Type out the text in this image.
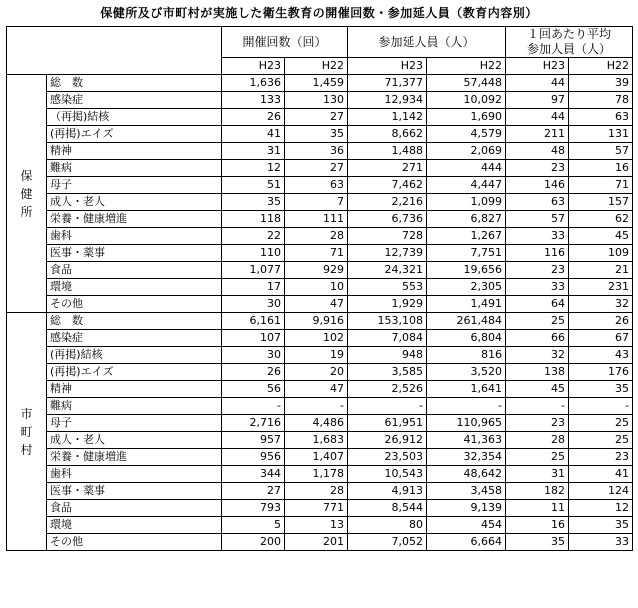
保健所及び市町村が実施した衛生教育の開催回数・参加延人員（教育内容別）
		開催回数（回）		参加延人員（人）		１回あたり平均
参加人員（人）	
		H23	H22	H23	H22	H23	H22
保健所	総　数	1,636	1,459	71,377	57,448	44	39
	感染症	133	130	12,934	10,092	97	78
	（再掲)結核	26	27	1,142	1,690	44	63
	(再掲)エイズ	41	35	8,662	4,579	211	131
	精神	31	36	1,488	2,069	48	57
	難病	12	27	271	444	23	16
	母子	51	63	7,462	4,447	146	71
	成人・老人	35	7	2,216	1,099	63	157
	栄養・健康増進	118	111	6,736	6,827	57	62
	歯科	22	28	728	1,267	33	45
	医事・薬事	110	71	12,739	7,751	116	109
	食品	1,077	929	24,321	19,656	23	21
	環境	17	10	553	2,305	33	231
	その他	30	47	1,929	1,491	64	32
市町村	総　数	6,161	9,916	153,108	261,484	25	26
	感染症	107	102	7,084	6,804	66	67
	(再掲)結核	30	19	948	816	32	43
	(再掲)エイズ	26	20	3,585	3,520	138	176
	精神	56	47	2,526	1,641	45	35
	難病	-	-	-	-	-	-
	母子	2,716	4,486	61,951	110,965	23	25
	成人・老人	957	1,683	26,912	41,363	28	25
	栄養・健康増進	956	1,407	23,503	32,354	25	23
	歯科	344	1,178	10,543	48,642	31	41
	医事・薬事	27	28	4,913	3,458	182	124
	食品	793	771	8,544	9,139	11	12
	環境	5	13	80	454	16	35
	その他	200	201	7,052	6,664	35	33
